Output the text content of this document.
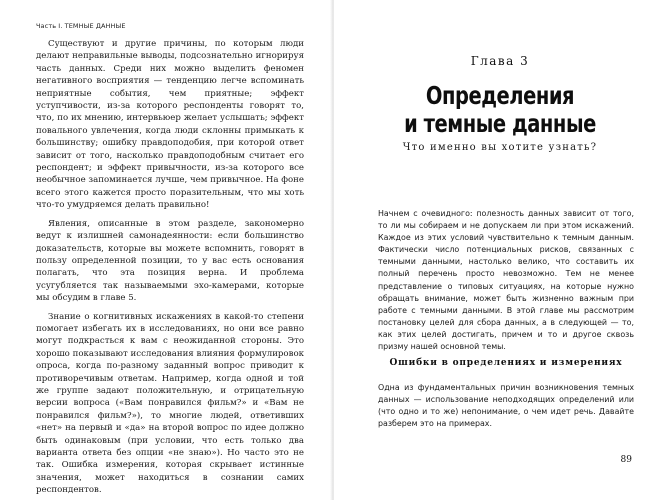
Часть I. ТЕМНЫЕ ДАННЫЕ

Существуют и другие причины, по которым люди делают неправильные выводы, подсознательно игнорируя часть данных. Среди них можно выделить феномен негативного восприятия — тенденцию легче вспоминать неприятные события, чем приятные; эффект уступчивости, из-за которого респонденты говорят то, что, по их мнению, интервьюер желает услышать; эффект повального увлечения, когда люди склонны примыкать к большинству; ошибку правдоподобия, при которой ответ зависит от того, насколько правдоподобным считает его респондент; и эффект привычности, из-за которого все необычное запоминается лучше, чем привычное. На фоне всего этого кажется просто поразительным, что мы хоть что-то умудряемся делать правильно!

Явления, описанные в этом разделе, закономерно ведут к излишней самонадеянности: если большинство доказательств, которые вы можете вспомнить, говорят в пользу определенной позиции, то у вас есть основания полагать, что эта позиция верна. И проблема усугубляется так называемыми эхо-камерами, которые мы обсудим в главе 5.

Знание о когнитивных искажениях в какой-то степени помогает избегать их в исследованиях, но они все равно могут подкрасться к вам с неожиданной стороны. Это хорошо показывают исследования влияния формулировок опроса, когда по-разному заданный вопрос приводит к противоречивым ответам. Например, когда одной и той же группе задают положительную, и отрицательную версии вопроса («Вам понравился фильм?» и «Вам не понравился фильм?»), то многие людей, ответивших «нет» на первый и «да» на второй вопрос по идее должно быть одинаковым (при условии, что есть только два варианта ответа без опции «не знаю»). Но часто это не так. Ошибка измерения, которая скрывает истинные значения, может находиться в сознании самих респондентов.

Глава 3
Определения
и темные данные
Что именно вы хотите узнать?

Начнем с очевидного: полезность данных зависит от того, то ли мы собираем и не допускаем ли при этом искажений. Каждое из этих условий чувствительно к темным данным. Фактически число потенциальных рисков, связанных с темными данными, настолько велико, что составить их полный перечень просто невозможно. Тем не менее представление о типовых ситуациях, на которые нужно обращать внимание, может быть жизненно важным при работе с темными данными. В этой главе мы рассмотрим постановку целей для сбора данных, а в следующей — то, как этих целей достигать, причем и то и другое сквозь призму нашей основной темы.

Ошибки в определениях и измерениях

Одна из фундаментальных причин возникновения темных данных — использование неподходящих определений или (что одно и то же) непонимание, о чем идет речь. Давайте разберем это на примерах.

89
